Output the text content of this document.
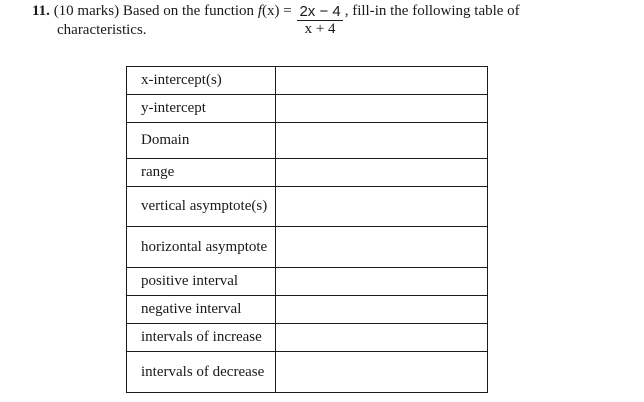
11. (10 marks) Based on the function $f(x) = \frac{2x - 4}{x + 4}$ , fill-in the following table of
characteristics.
x-intercept(s)	
y-intercept	
Domain	
range	
vertical asymptote(s)	
horizontal asymptote	
positive interval	
negative interval	
intervals of increase	
intervals of decrease	
